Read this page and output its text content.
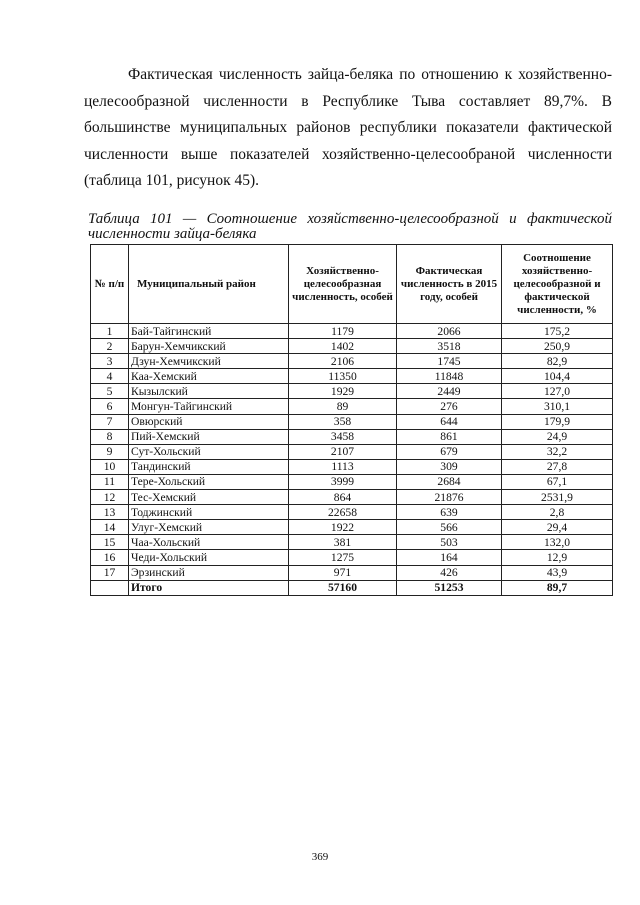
Фактическая численность зайца-беляка по отношению к хозяйственно-целесообразной численности в Республике Тыва составляет 89,7%. В большинстве муниципальных районов республики показатели фактической численности выше показателей хозяйственно-целесообраной численности (таблица 101, рисунок 45).

Таблица 101 — Соотношение хозяйственно-целесообразной и фактической численности зайца-беляка

№ п/п	Муниципальный район	Хозяйственно-целесообразная численность, особей	Фактическая численность в 2015 году, особей	Соотношение хозяйственно-целесообразной и фактической численности, %
1	Бай-Тайгинский	1179	2066	175,2
2	Барун-Хемчикский	1402	3518	250,9
3	Дзун-Хемчикский	2106	1745	82,9
4	Каа-Хемский	11350	11848	104,4
5	Кызылский	1929	2449	127,0
6	Монгун-Тайгинский	89	276	310,1
7	Овюрский	358	644	179,9
8	Пий-Хемский	3458	861	24,9
9	Сут-Хольский	2107	679	32,2
10	Тандинский	1113	309	27,8
11	Тере-Хольский	3999	2684	67,1
12	Тес-Хемский	864	21876	2531,9
13	Тоджинский	22658	639	2,8
14	Улуг-Хемский	1922	566	29,4
15	Чаа-Хольский	381	503	132,0
16	Чеди-Хольский	1275	164	12,9
17	Эрзинский	971	426	43,9
	Итого	57160	51253	89,7
369
